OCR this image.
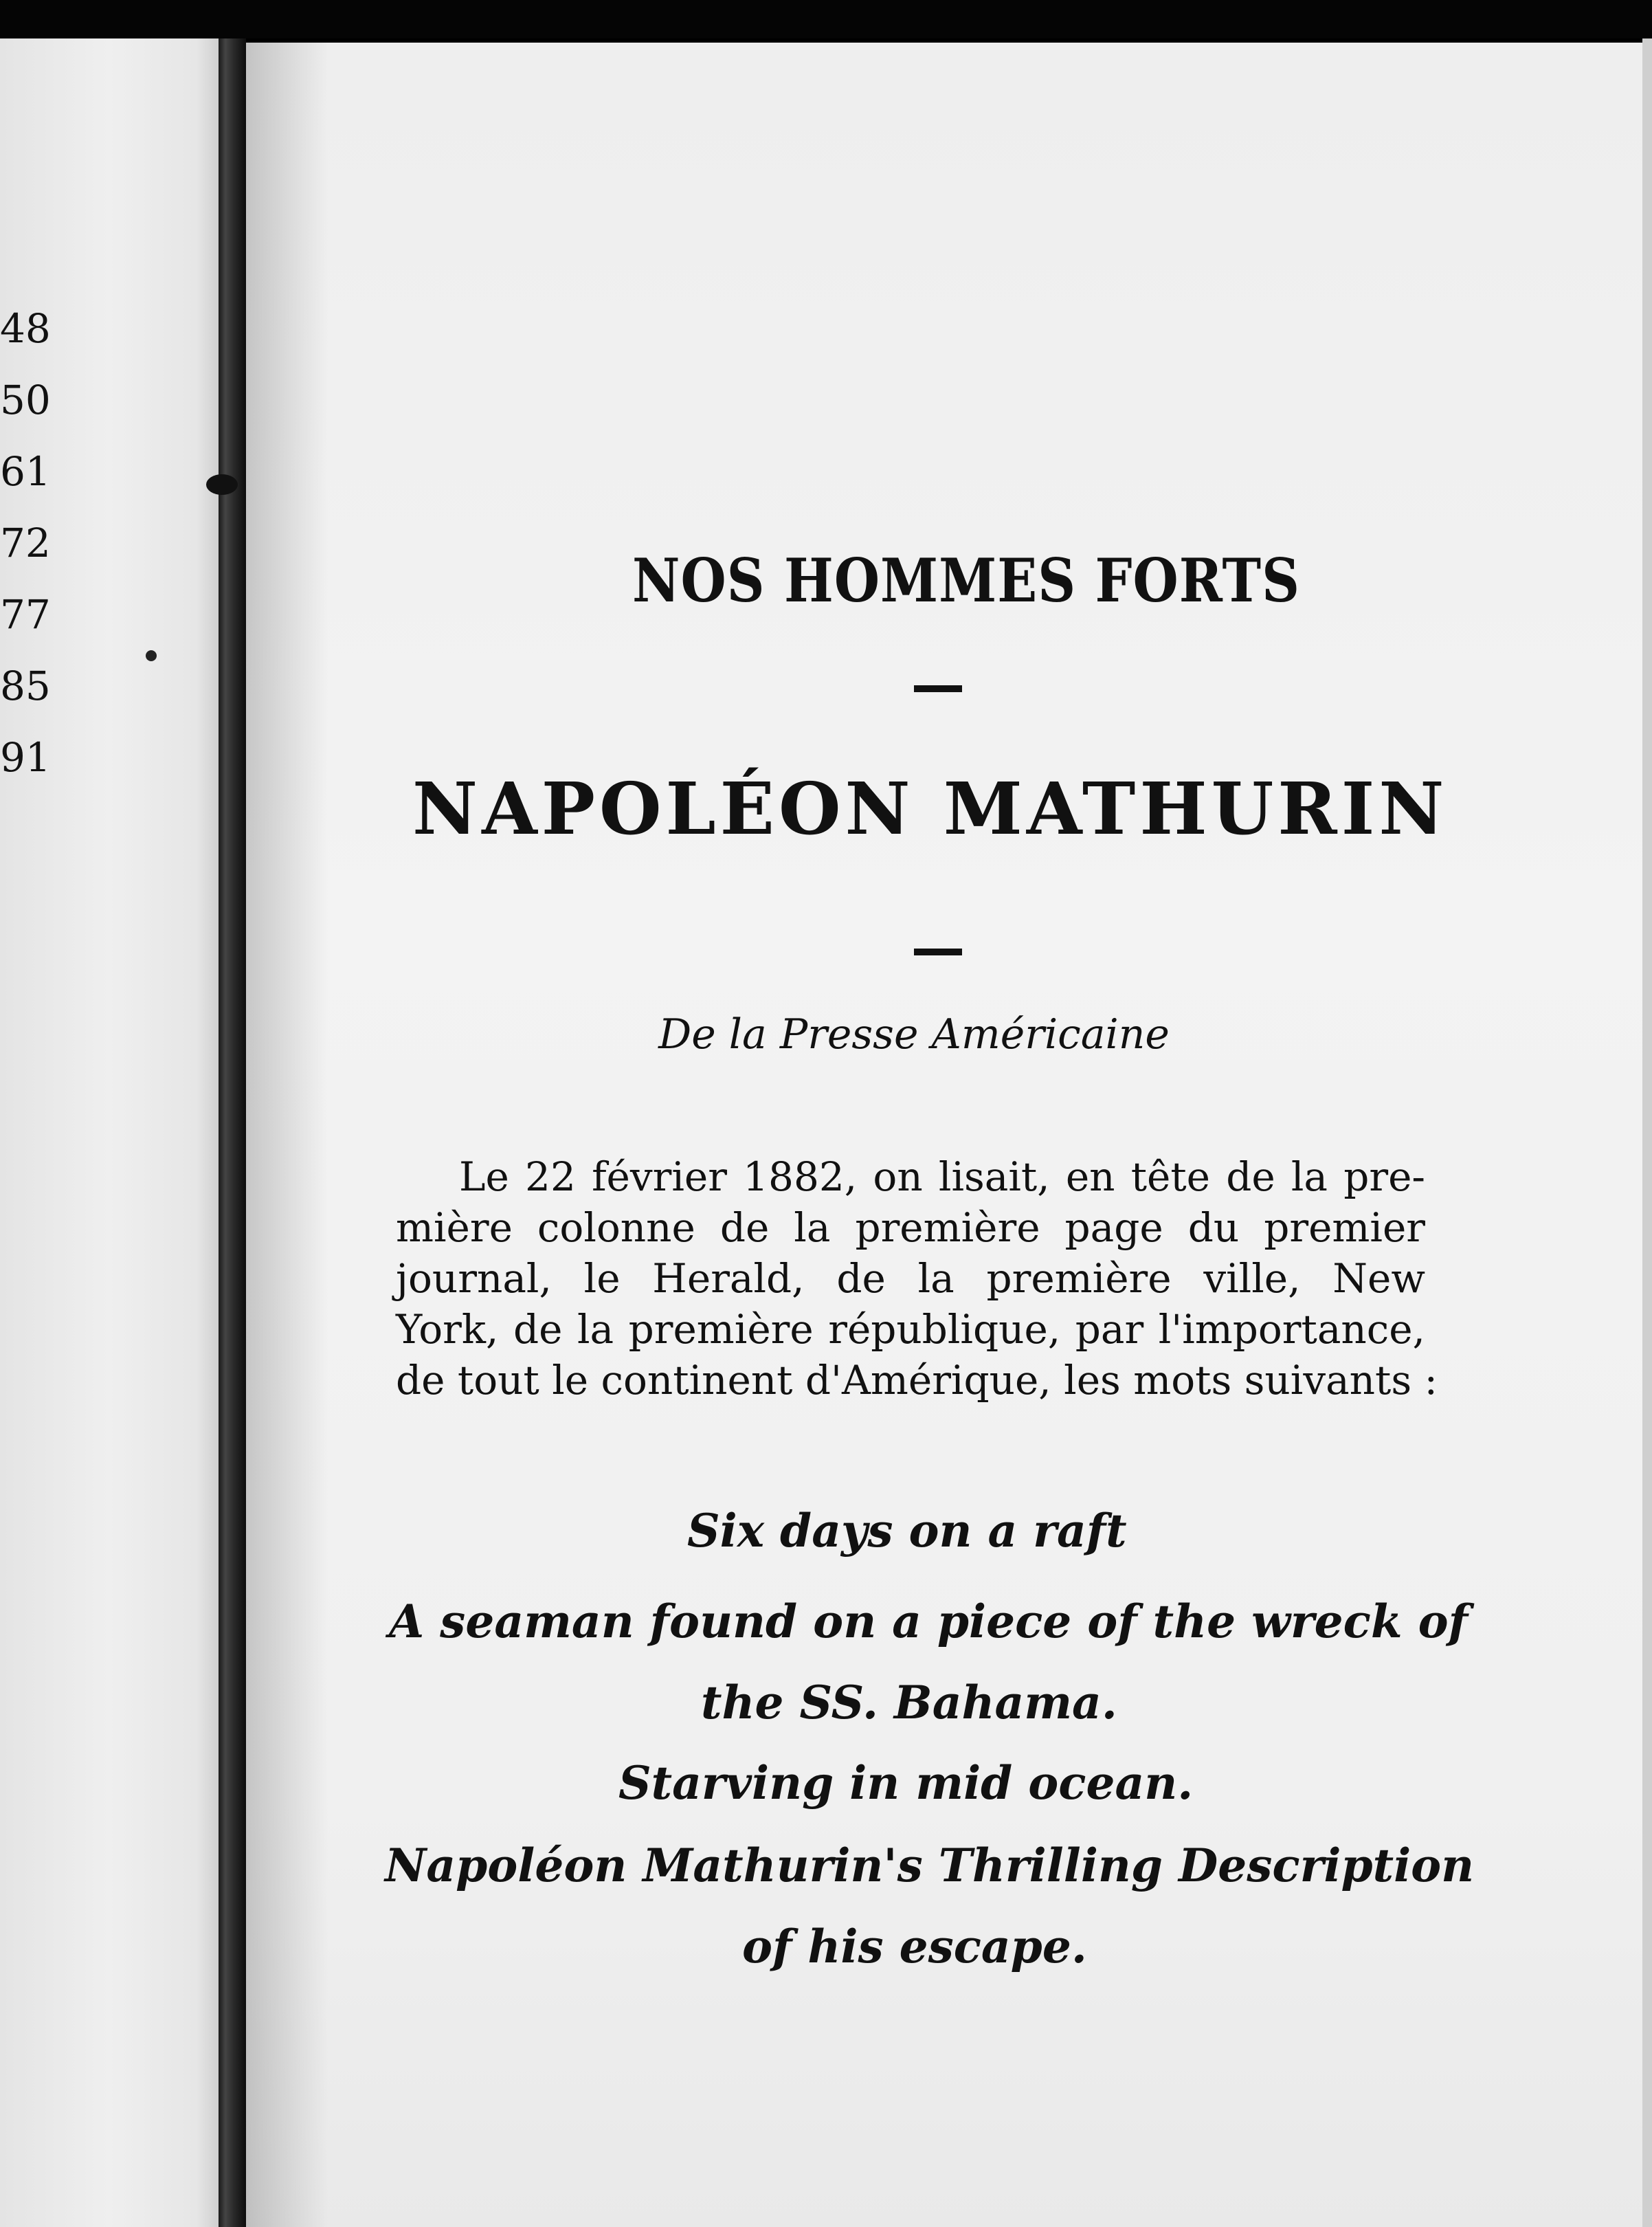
48
50
61
72
77
85
91
NOS HOMMES FORTS
NAPOLÉON MATHURIN

De la Presse Américaine

Le 22 février 1882, on lisait, en tête de la pre-
mière colonne de la première page du premier
journal, le Herald, de la première ville, New
York, de la première république, par l'importance,
de tout le continent d'Amérique, les mots suivants :

Six days on a raft

A seaman found on a piece of the wreck of

the SS. Bahama.

Starving in mid ocean.

Napoléon Mathurin's Thrilling Description

of his escape.
